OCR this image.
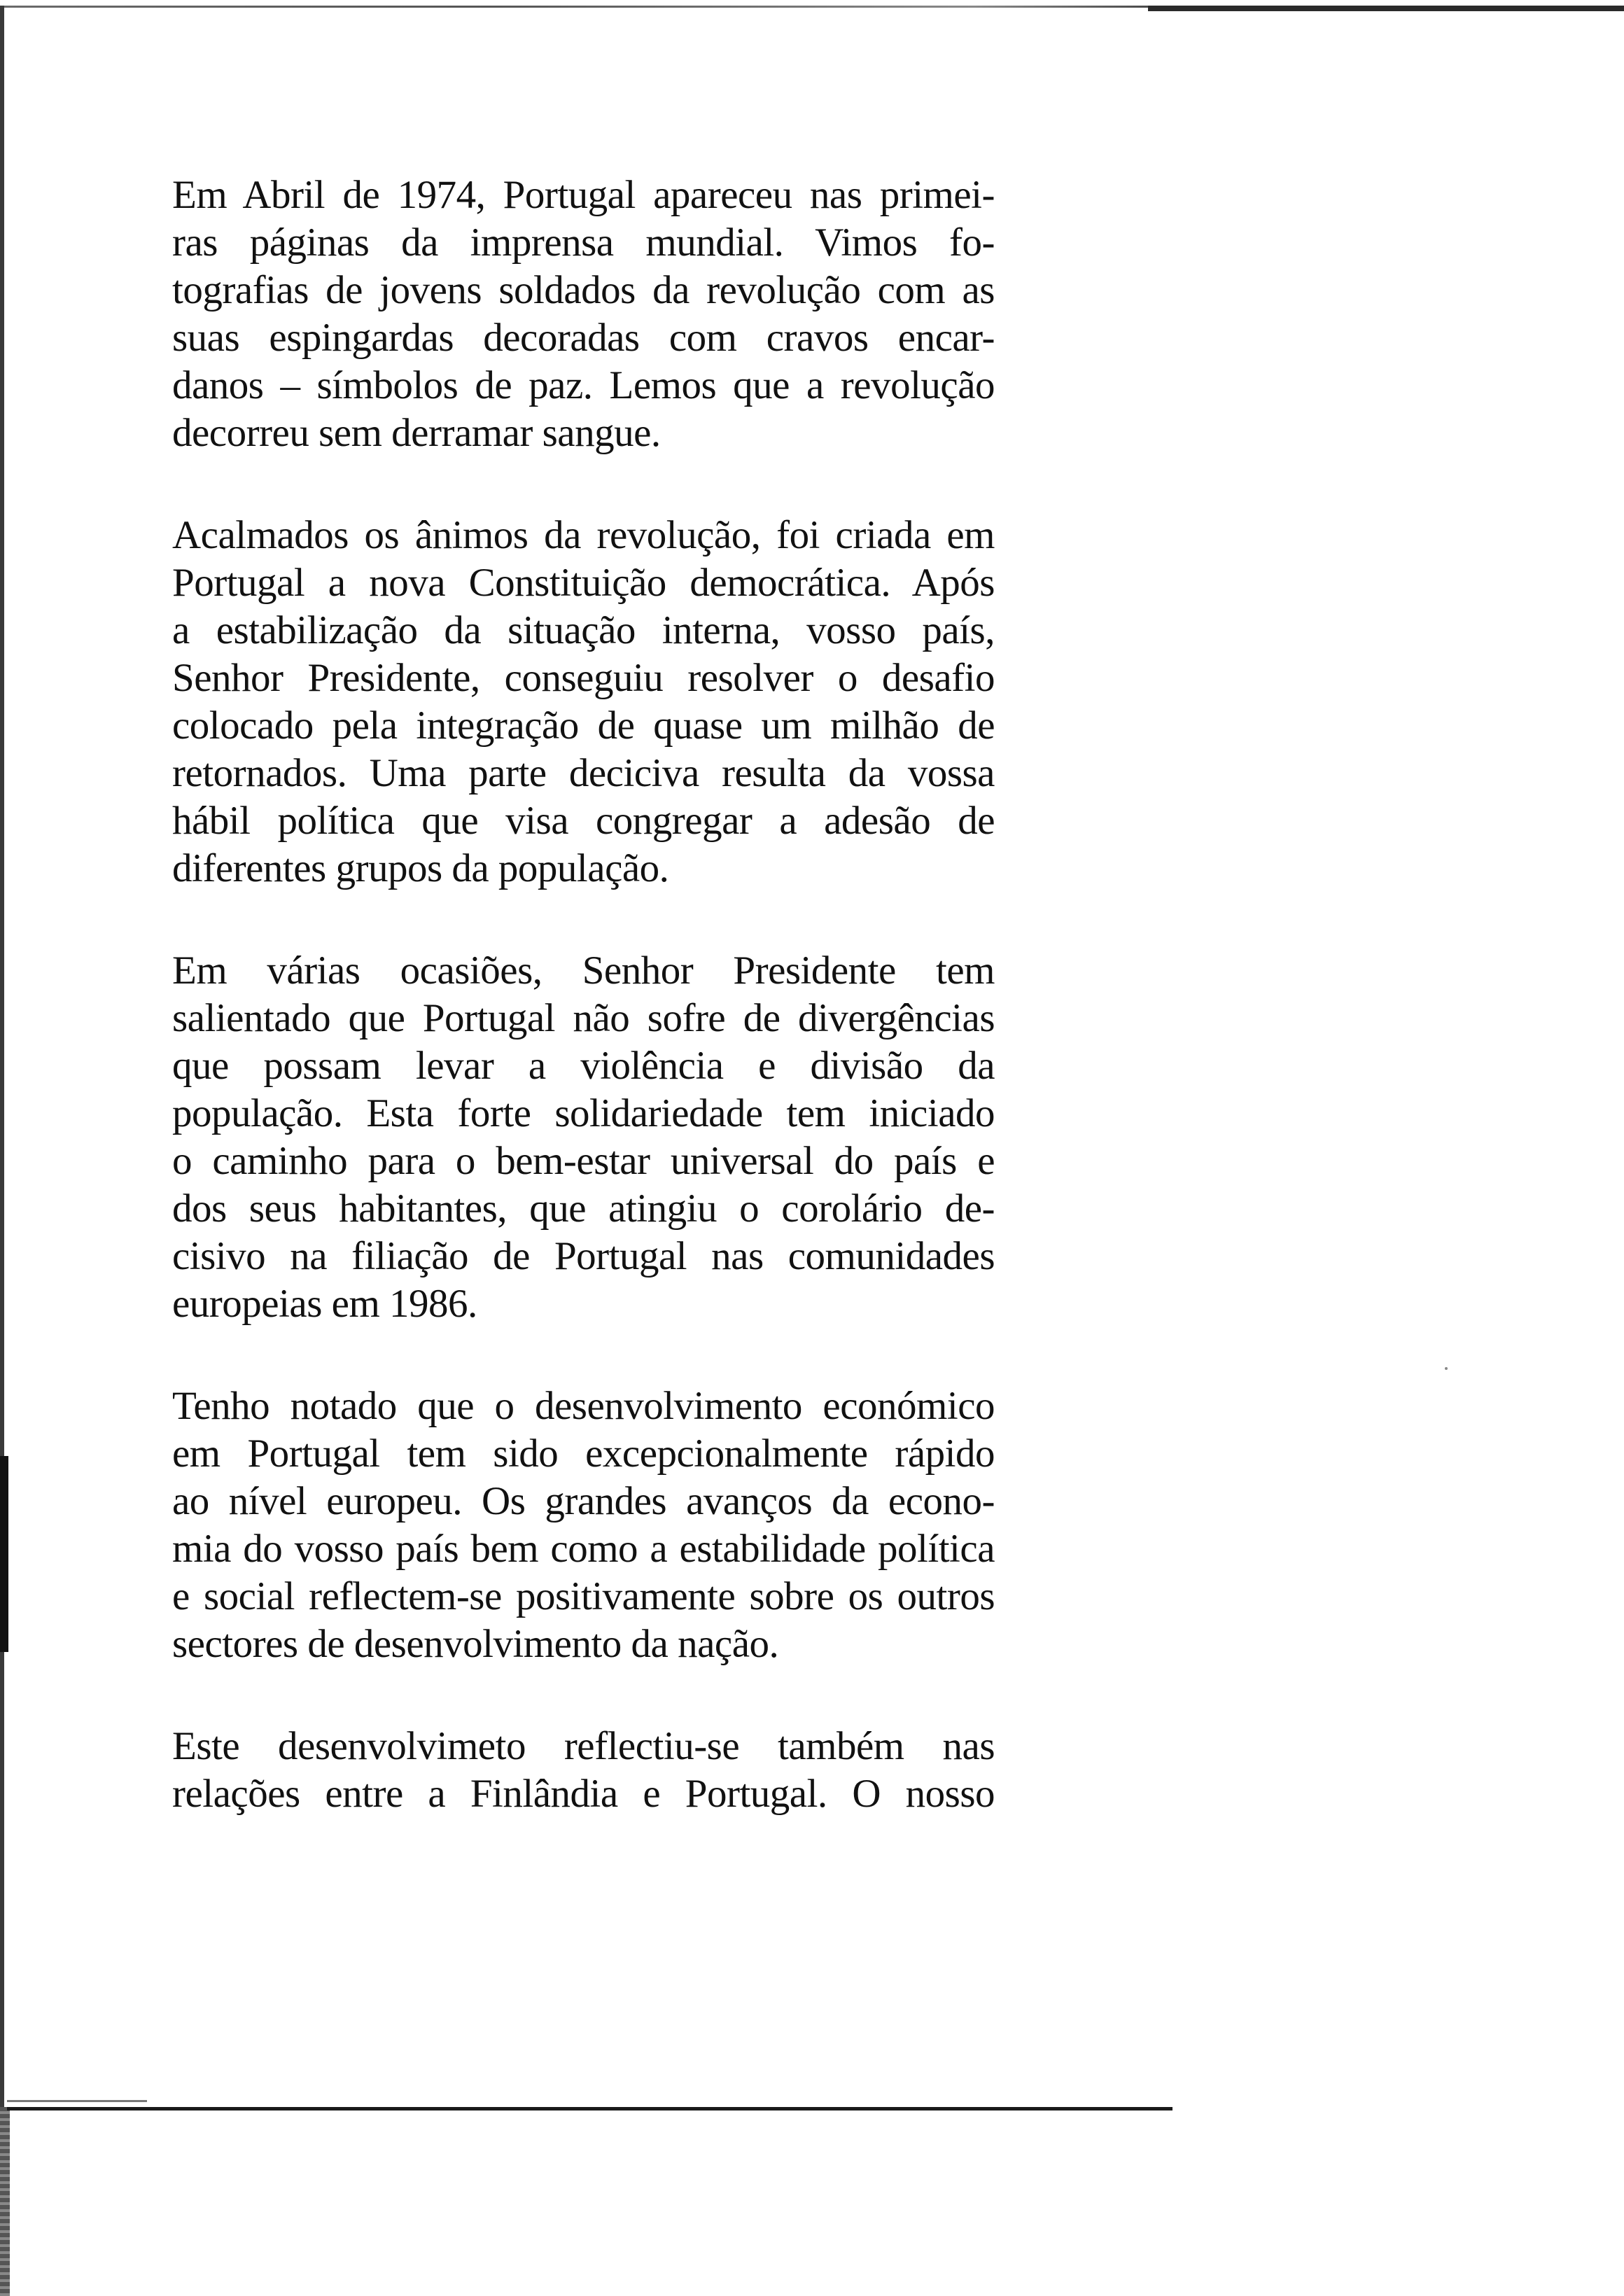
Em Abril de 1974, Portugal apareceu nas primei-
ras páginas da imprensa mundial. Vimos fo-
tografias de jovens soldados da revolução com as
suas espingardas decoradas com cravos encar-
danos – símbolos de paz. Lemos que a revolução
decorreu sem derramar sangue.

Acalmados os ânimos da revolução, foi criada em
Portugal a nova Constituição democrática. Após
a estabilização da situação interna, vosso país,
Senhor Presidente, conseguiu resolver o desafio
colocado pela integração de quase um milhão de
retornados. Uma parte deciciva resulta da vossa
hábil política que visa congregar a adesão de
diferentes grupos da população.

Em várias ocasiões, Senhor Presidente tem
salientado que Portugal não sofre de divergências
que possam levar a violência e divisão da
população. Esta forte solidariedade tem iniciado
o caminho para o bem-estar universal do país e
dos seus habitantes, que atingiu o corolário de-
cisivo na filiação de Portugal nas comunidades
europeias em 1986.

Tenho notado que o desenvolvimento económico
em Portugal tem sido excepcionalmente rápido
ao nível europeu. Os grandes avanços da econo-
mia do vosso país bem como a estabilidade política
e social reflectem-se positivamente sobre os outros
sectores de desenvolvimento da nação.

Este desenvolvimeto reflectiu-se também nas
relações entre a Finlândia e Portugal. O nosso
